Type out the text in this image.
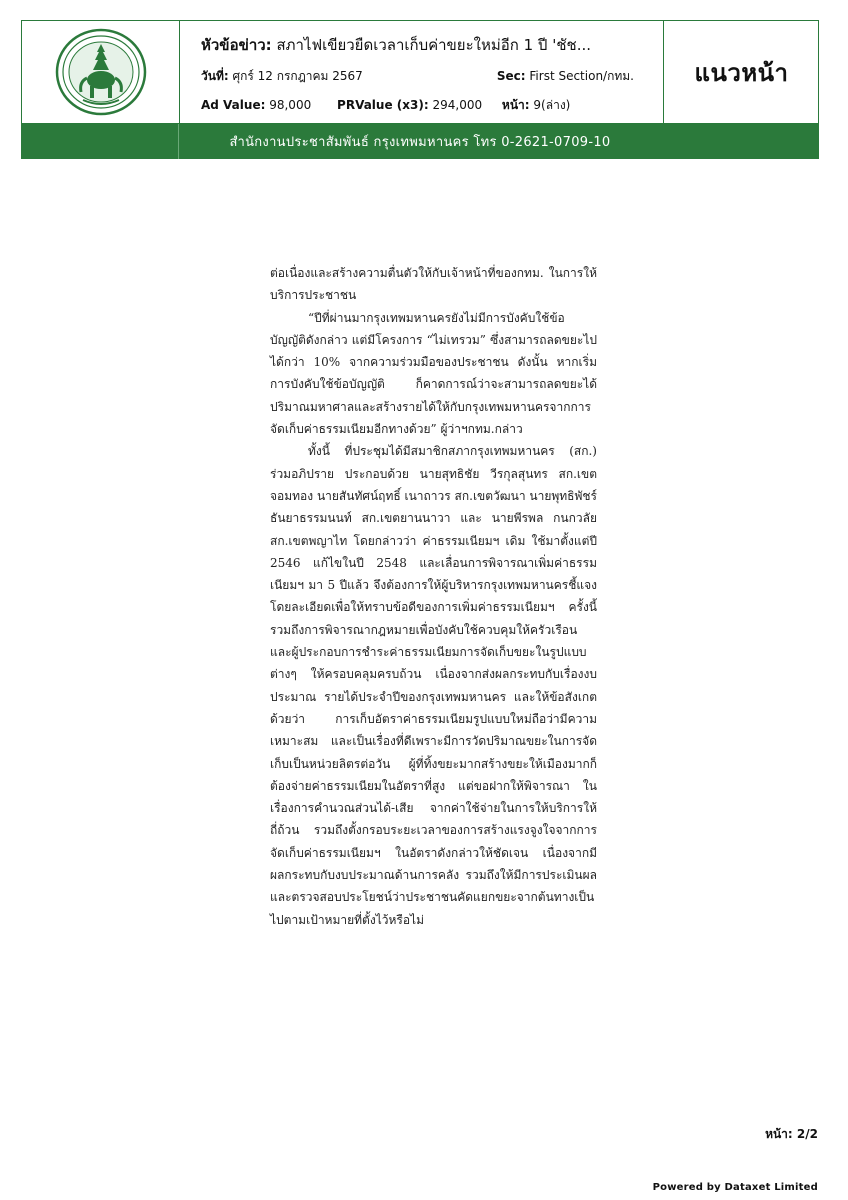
หัวข้อข่าว: สภาไฟเขียวยืดเวลาเก็บค่าขยะใหม่อีก 1 ปี 'ชัช...
วันที่: ศุกร์ 12 กรกฎาคม 2567	Sec: First Section/กทม.
Ad Value: 98,000 PRValue (x3): 294,000 หน้า: 9(ล่าง)
แนวหน้า
สำนักงานประชาสัมพันธ์ กรุงเทพมหานคร โทร 0-2621-0709-10

ต่อเนื่องและสร้างความตื่นตัวให้กับเจ้าหน้าที่ของกทม. ในการให้บริการประชาชน

“ปีที่ผ่านมากรุงเทพมหานครยังไม่มีการบังคับใช้ข้อบัญญัติดังกล่าว แต่มีโครงการ “ไม่เทรวม” ซึ่งสามารถลดขยะไปได้กว่า 10% จากความร่วมมือของประชาชน ดังนั้น หากเริ่มการบังคับใช้ข้อบัญญัติ ก็คาดการณ์ว่าจะสามารถลดขยะได้ปริมาณมหาศาลและสร้างรายได้ให้กับกรุงเทพมหานครจากการจัดเก็บค่าธรรมเนียมอีกทางด้วย” ผู้ว่าฯกทม.กล่าว

ทั้งนี้ ที่ประชุมได้มีสมาชิกสภากรุงเทพมหานคร (สก.) ร่วมอภิปราย ประกอบด้วย นายสุทธิชัย วีรกุลสุนทร สก.เขตจอมทอง นายสันทัศน์ฤทธิ์ เนาถาวร สก.เขตวัฒนา นายพุทธิพัชร์ ธันยาธรรมนนท์ สก.เขตยานนาวา และ นายพีรพล กนกวลัย สก.เขตพญาไท โดยกล่าวว่า ค่าธรรมเนียมฯ เดิม ใช้มาตั้งแต่ปี 2546 แก้ไขในปี 2548 และเลื่อนการพิจารณาเพิ่มค่าธรรมเนียมฯ มา 5 ปีแล้ว จึงต้องการให้ผู้บริหารกรุงเทพมหานครชี้แจงโดยละเอียดเพื่อให้ทราบข้อดีของการเพิ่มค่าธรรมเนียมฯ ครั้งนี้ รวมถึงการพิจารณากฎหมายเพื่อบังคับใช้ควบคุมให้ครัวเรือนและผู้ประกอบการชำระค่าธรรมเนียมการจัดเก็บขยะในรูปแบบต่างๆ ให้ครอบคลุมครบถ้วน เนื่องจากส่งผลกระทบกับเรื่องงบประมาณ รายได้ประจำปีของกรุงเทพมหานคร และให้ข้อสังเกตด้วยว่า การเก็บอัตราค่าธรรมเนียมรูปแบบใหม่ถือว่ามีความเหมาะสม และเป็นเรื่องที่ดีเพราะมีการวัดปริมาณขยะในการจัดเก็บเป็นหน่วยลิตรต่อวัน ผู้ที่ทิ้งขยะมากสร้างขยะให้เมืองมากก็ต้องจ่ายค่าธรรมเนียมในอัตราที่สูง แต่ขอฝากให้พิจารณา ในเรื่องการคำนวณส่วนได้-เสีย จากค่าใช้จ่ายในการให้บริการให้ถี่ถ้วน รวมถึงตั้งกรอบระยะเวลาของการสร้างแรงจูงใจจากการจัดเก็บค่าธรรมเนียมฯ ในอัตราดังกล่าวให้ชัดเจน เนื่องจากมีผลกระทบกับงบประมาณด้านการคลัง รวมถึงให้มีการประเมินผล และตรวจสอบประโยชน์ว่าประชาชนคัดแยกขยะจากต้นทางเป็นไปตามเป้าหมายที่ตั้งไว้หรือไม่

หน้า: 2/2
Powered by Dataxet Limited
